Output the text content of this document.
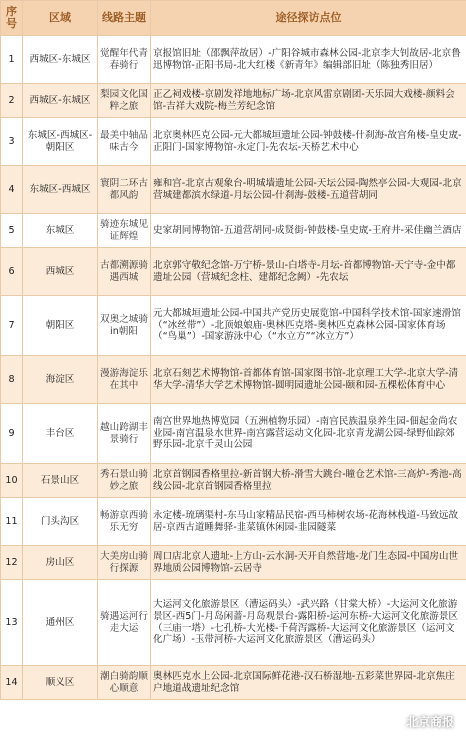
序号	区域	线路主题	途径探访点位
1	西城区-东城区	觉醒年代青春骑行	京报馆旧址（邵飘萍故居）-广阳谷城市森林公园-北京李大钊故居-北京鲁迅博物馆-正阳书局-北大红楼《新青年》编辑部旧址（陈独秀旧居）
2	西城区-东城区	梨园文化国粹之旅	正乙祠戏楼-京剧发祥地地标广场-北京风雷京剧团-天乐园大戏楼-颜料会馆-吉祥大戏院-梅兰芳纪念馆
3	东城区-西城区-朝阳区	最美中轴品味古今	北京奥林匹克公园-元大都城垣遗址公园-钟鼓楼-什刹海-故宫角楼-皇史宬-正阳门-国家博物馆-永定门-先农坛-天桥艺术中心
4	东城区-西城区	寰阴二环古都风韵	雍和宫-北京古观象台-明城墙遗址公园-天坛公园-陶然亭公园-大观园-北京营城建都滨水绿道-月坛公园-什刹海-鼓楼-五道营胡同
5	东城区	骑迹东城见证辉煌	史家胡同博物馆-五道营胡同-成贤街-钟鼓楼-皇史宬-王府井-采佳幽兰酒店
6	西城区	古都溯源骑遇西城	北京郭守敬纪念馆-万宁桥-景山-白塔寺-月坛-首都博物馆-天宁寺-金中都遗址公园（营城纪念柱、建都纪念阙）-先农坛
7	朝阳区	双奥之城骑in朝阳	元大都城垣遗址公园-中国共产党历史展览馆-中国科学技术馆-国家速滑馆（“冰丝带”）-北顶娘娘庙-奥林匹克塔-奥林匹克森林公园-国家体育场（“鸟巢”）-国家游泳中心（“水立方”“冰立方”）
8	海淀区	漫游海淀乐在其中	北京石刻艺术博物馆-首都体育馆-国家图书馆-北京理工大学-北京大学-清华大学-清华大学艺术博物馆-圆明园遗址公园-颐和园-五棵松体育中心
9	丰台区	越山跨湖丰景骑行	南宫世界地热博览园（五洲植物乐园）-南宫民族温泉养生园-佃起金尚农业园-南宫温泉水世界-南宫露营运动文化园-北京青龙湖公园-绿野仙踪郊野乐园-北京千灵山公园
10	石景山区	秀石景山骑妙之旅	北京首钢园香格里拉-新首钢大桥-滑雪大跳台-瞳仓艺术馆-三高炉-秀池-高线公园-北京首钢园香格里拉
11	门头沟区	畅游京西骑乐无穷	永定楼-琉璃渠村-东马山家精品民宿-西马柿树农场-花海林栈道-马致远故居-京西古道睡舞驿-韭菜镇休闲园-韭园隧菜
12	房山区	大美房山骑行探源	周口店北京人遗址-上方山-云水洞-天开自然营地-龙门生态园-中国房山世界地质公园博物馆-云居寺
13	通州区	骑遇运河行走大运	大运河文化旅游景区（漕运码头）-武兴路（甘棠大桥）-大运河文化旅游景区-西5门-月岛闲蔷-月岛观景台-露阳桥-运河东桥-大运河文化旅游景区（三庙一塔）-七孔桥-大光楼-千荷泻露桥-大运河文化旅游景区（运河文化广场）-玉带河桥-大运河文化旅游景区（漕运码头）
14	顺义区	潮白骑韵顺心顺意	奥林匹克水上公园-北京国际鲜花港-汉石桥湿地-五彩菜世界园-北京焦庄户地道战遗址纪念馆
北京商报
